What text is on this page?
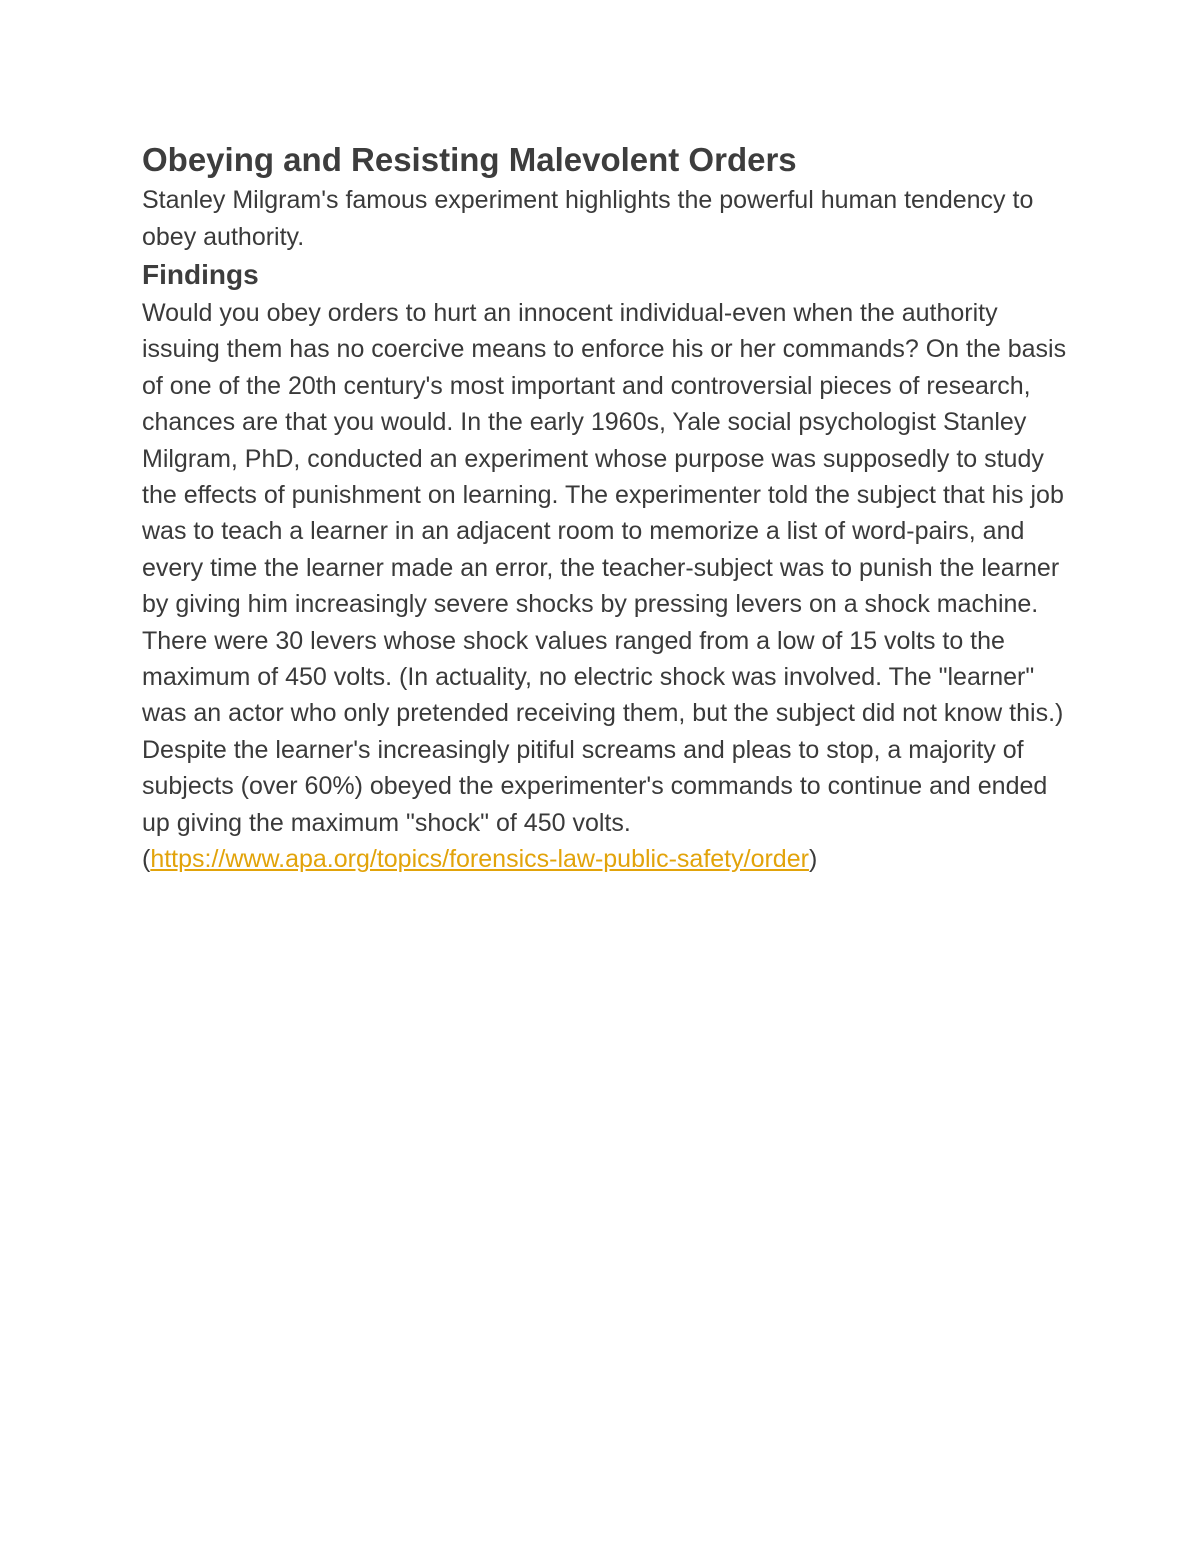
Obeying and Resisting Malevolent Orders

Stanley Milgram's famous experiment highlights the powerful human tendency to obey authority.

Findings

Would you obey orders to hurt an innocent individual-even when the authority issuing them has no coercive means to enforce his or her commands? On the basis of one of the 20th century's most important and controversial pieces of research, chances are that you would. In the early 1960s, Yale social psychologist Stanley Milgram, PhD, conducted an experiment whose purpose was supposedly to study the effects of punishment on learning. The experimenter told the subject that his job was to teach a learner in an adjacent room to memorize a list of word-pairs, and every time the learner made an error, the teacher-subject was to punish the learner by giving him increasingly severe shocks by pressing levers on a shock machine. There were 30 levers whose shock values ranged from a low of 15 volts to the maximum of 450 volts. (In actuality, no electric shock was involved. The "learner" was an actor who only pretended receiving them, but the subject did not know this.) Despite the learner's increasingly pitiful screams and pleas to stop, a majority of subjects (over 60%) obeyed the experimenter's commands to continue and ended up giving the maximum "shock" of 450 volts.

(https://www.apa.org/topics/forensics-law-public-safety/order)
